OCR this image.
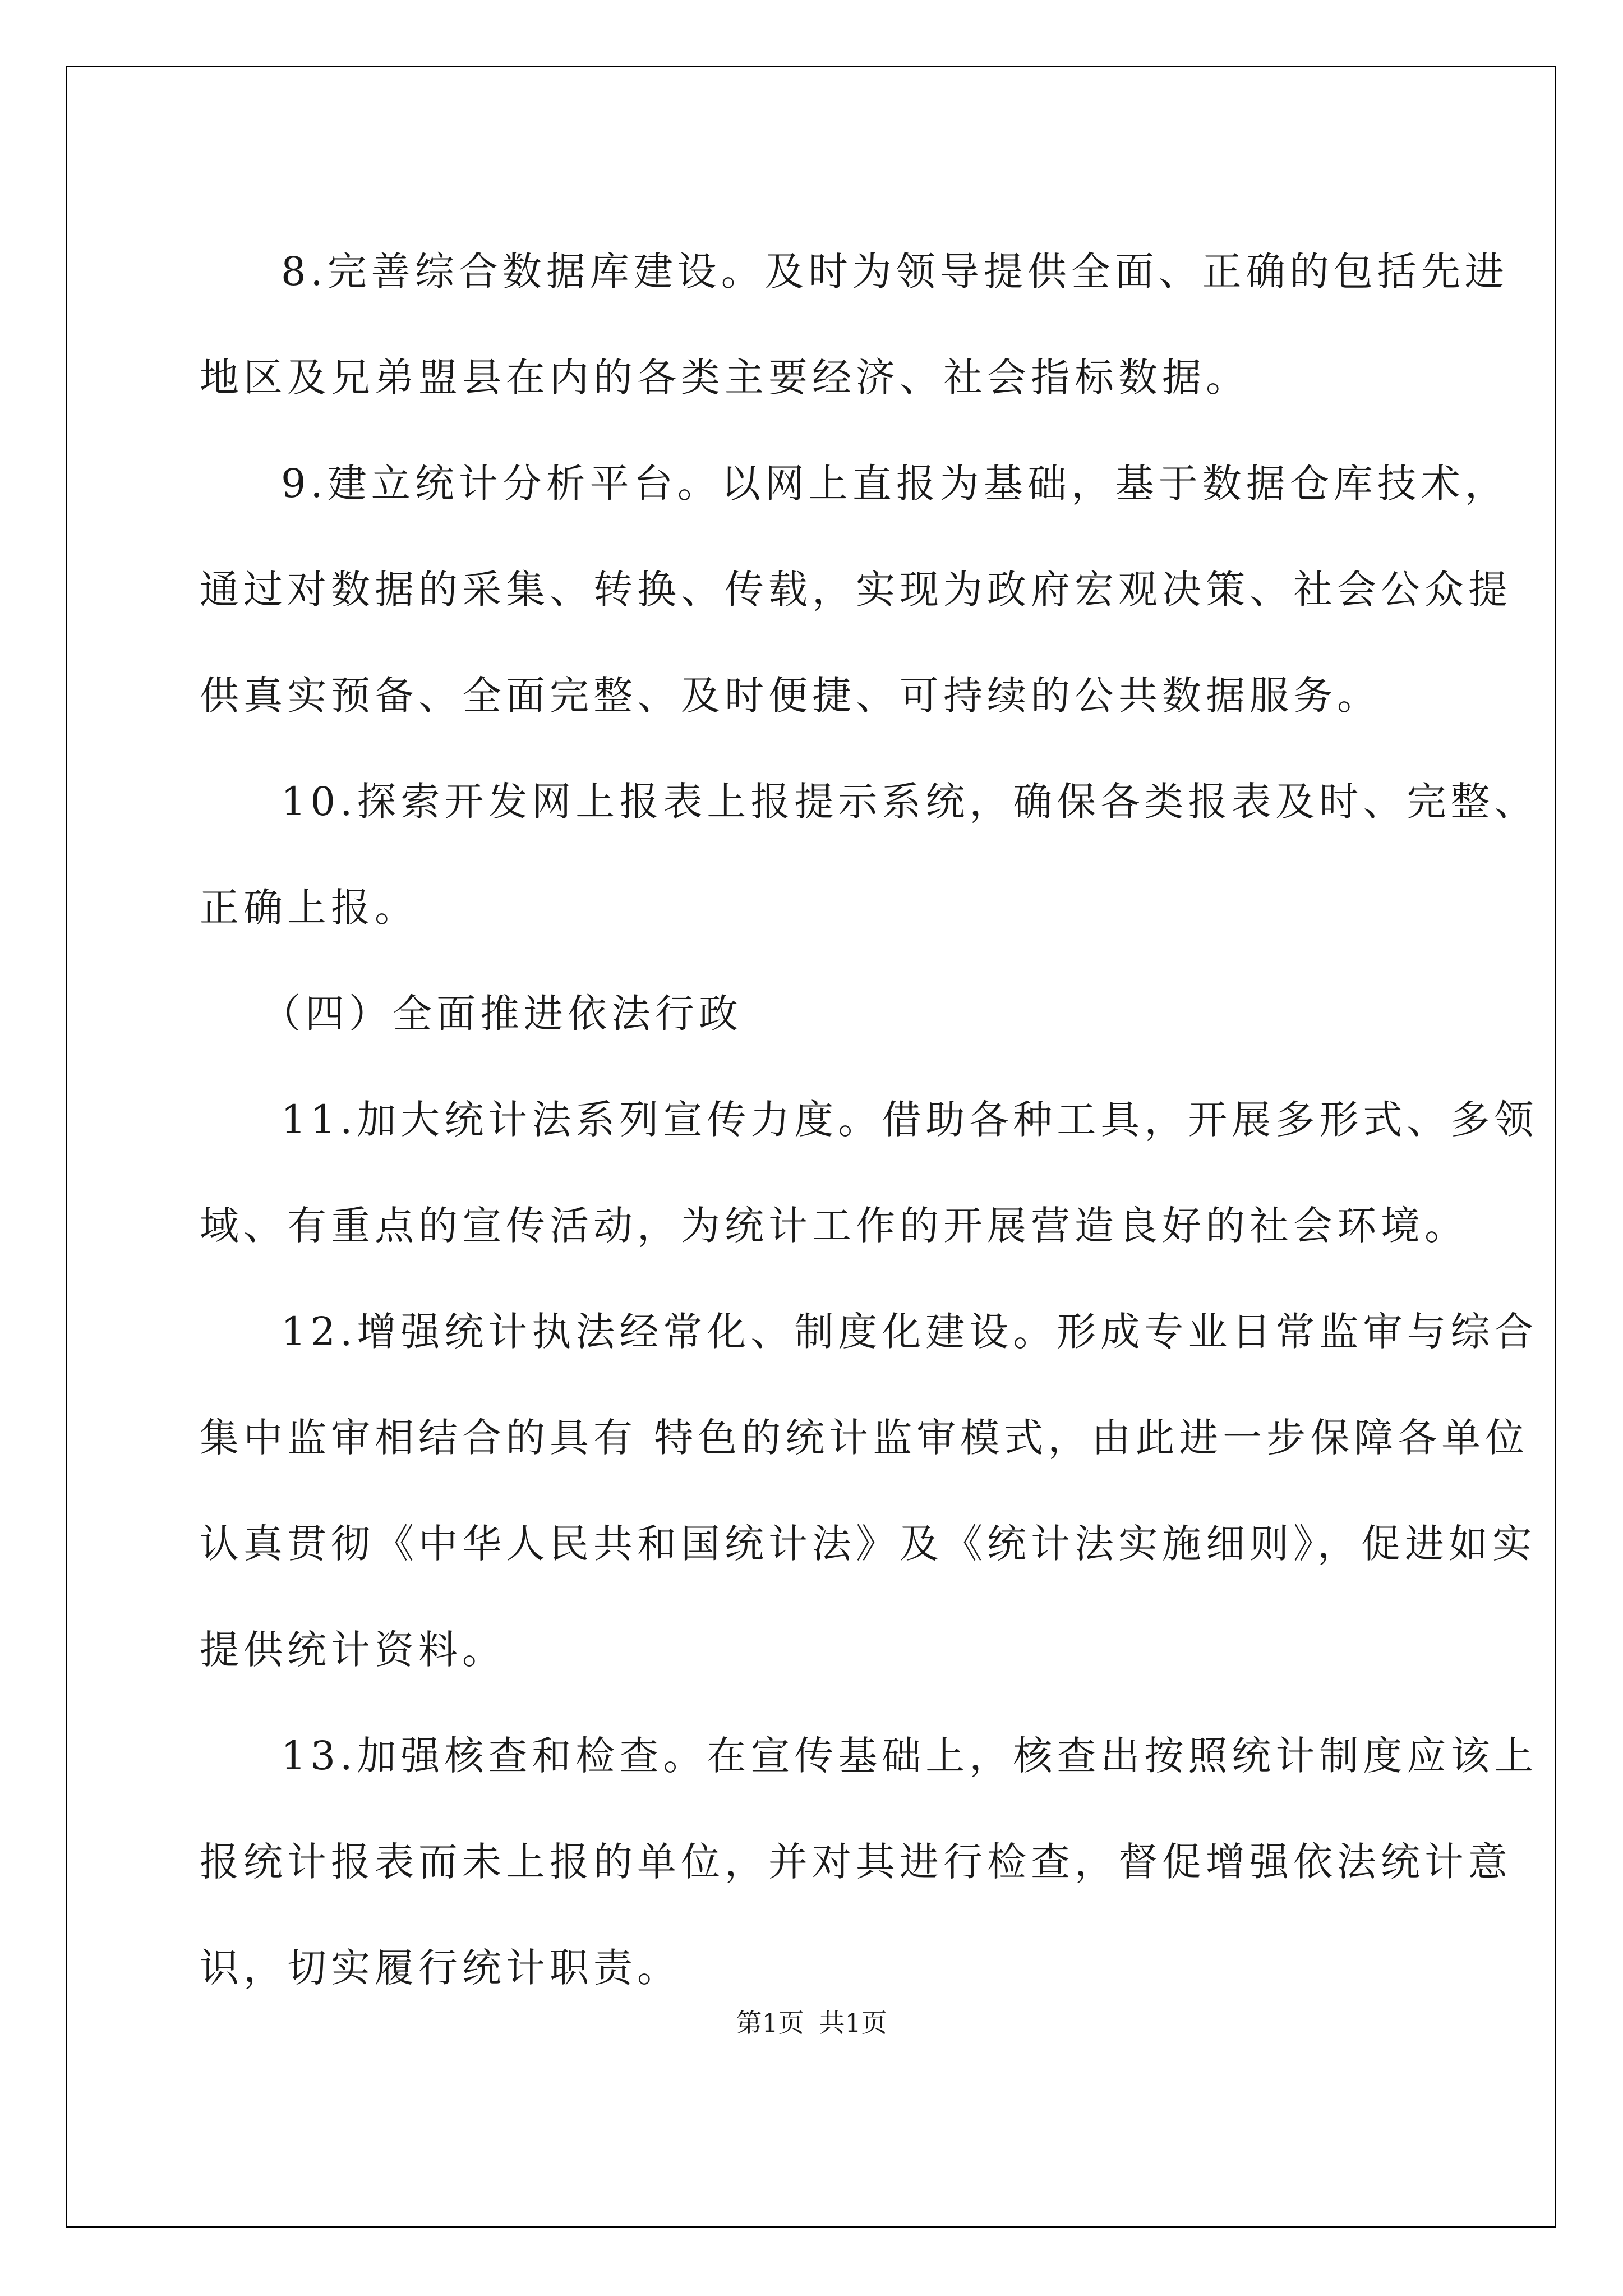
8.完善综合数据库建设。及时为领导提供全面、正确的包括先进
地区及兄弟盟县在内的各类主要经济、社会指标数据。
9.建立统计分析平台。以网上直报为基础，基于数据仓库技术，
通过对数据的采集、转换、传载，实现为政府宏观决策、社会公众提
供真实预备、全面完整、及时便捷、可持续的公共数据服务。
10.探索开发网上报表上报提示系统，确保各类报表及时、完整、
正确上报。
（四）全面推进依法行政
11.加大统计法系列宣传力度。借助各种工具，开展多形式、多领
域、有重点的宣传活动，为统计工作的开展营造良好的社会环境。
12.增强统计执法经常化、制度化建设。形成专业日常监审与综合
集中监审相结合的具有 特色的统计监审模式，由此进一步保障各单位
认真贯彻《中华人民共和国统计法》及《统计法实施细则》，促进如实
提供统计资料。
13.加强核查和检查。在宣传基础上，核查出按照统计制度应该上
报统计报表而未上报的单位，并对其进行检查，督促增强依法统计意
识，切实履行统计职责。
第1页 共1页
